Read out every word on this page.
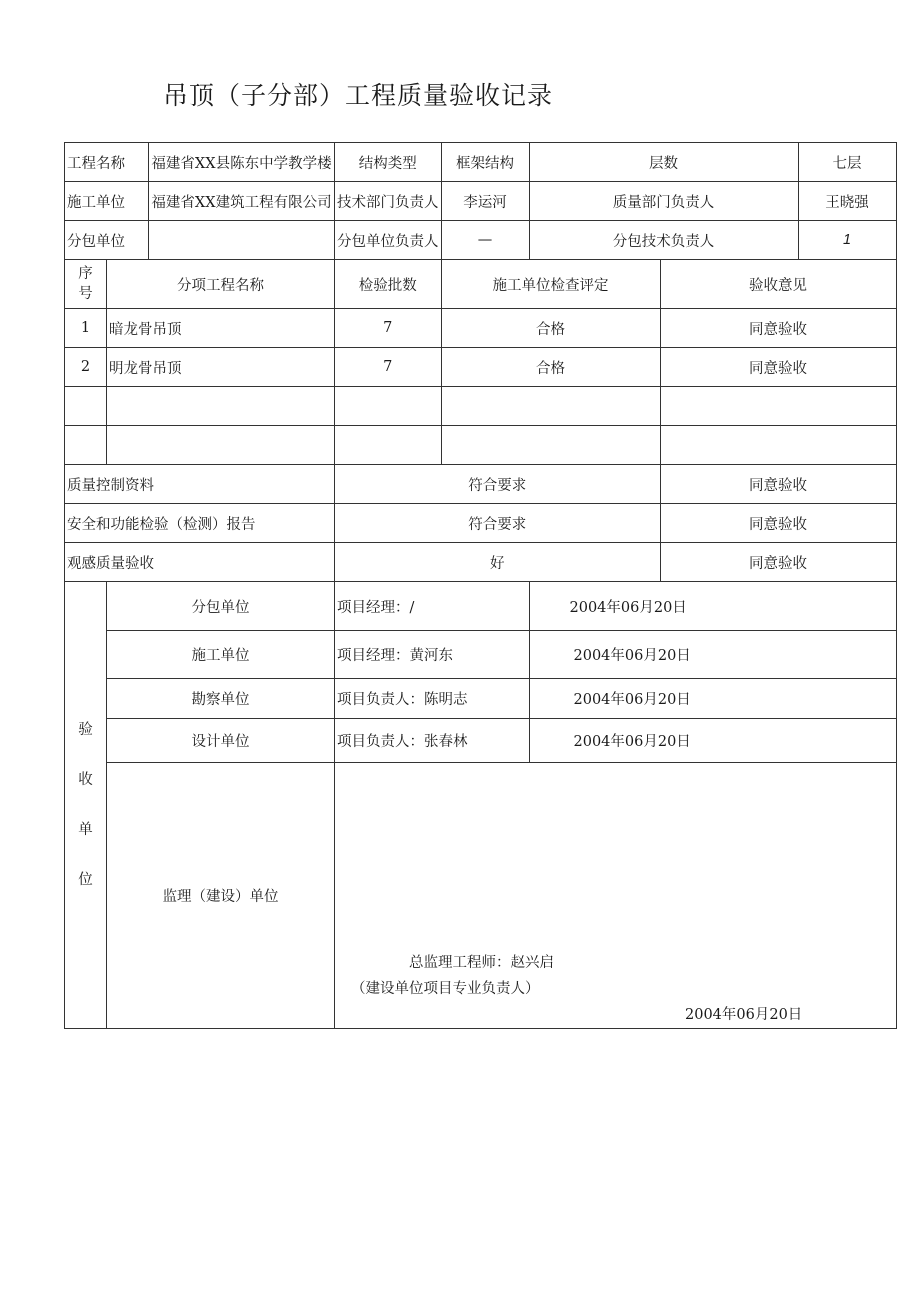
吊顶（子分部）工程质量验收记录
工程名称		福建省XX县陈东中学教学楼	结构类型	框架结构	层数		七层
施工单位		福建省XX建筑工程有限公司	技术部门负责人	李运河	质量部门负责人		王晓强
分包单位			分包单位负责人	—	分包技术负责人		1
序号	分项工程名称		检验批数	施工单位检查评定		验收意见	
1	暗龙骨吊顶		7	合格		同意验收	
2	明龙骨吊顶		7	合格		同意验收	

质量控制资料			符合要求			同意验收	
安全和功能检验（检测）报告			符合要求			同意验收	
观感质量验收			好			同意验收	

验
收
单
位	分包单位		项目经理：/		2004年06月20日		
	施工单位		项目经理：黄河东		2004年06月20日		
	勘察单位		项目负责人：陈明志		2004年06月20日		
	设计单位		项目负责人：张春林		2004年06月20日		
	监理（建设）单位		总监理工程师：赵兴启
（建设单位项目专业负责人）
2004年06月20日				
